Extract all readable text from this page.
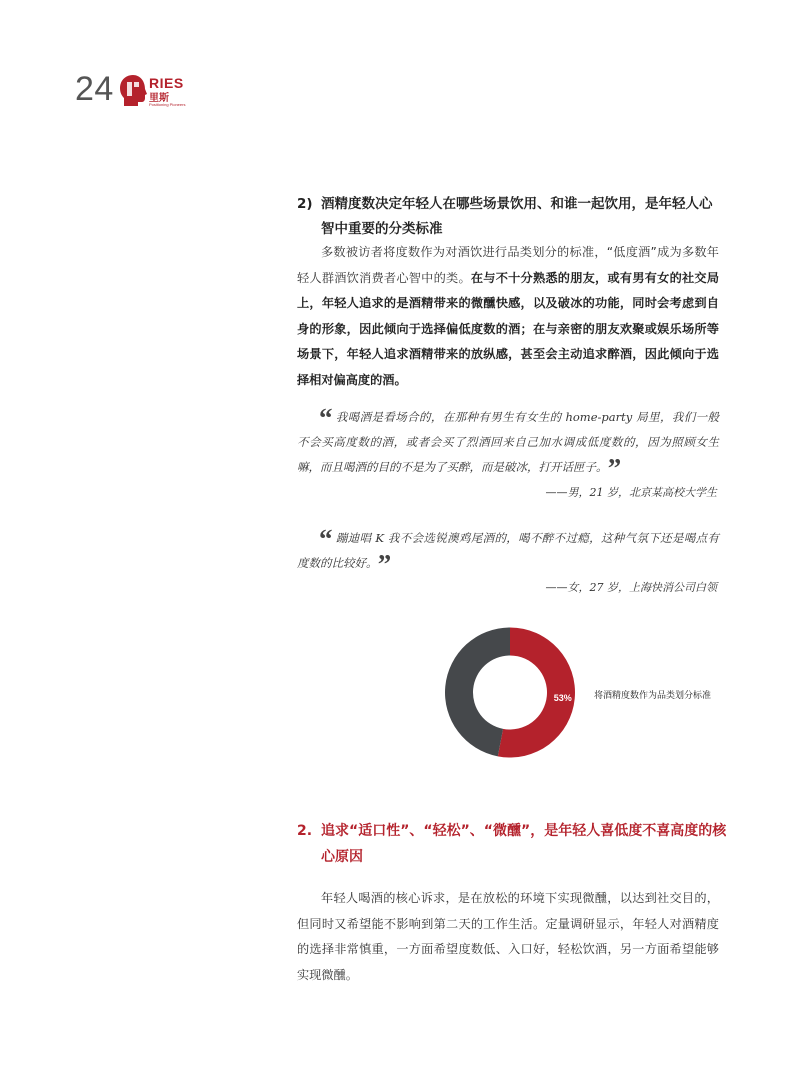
24	RIES
里斯
Positioning Pioneers
2) 酒精度数决定年轻人在哪些场景饮用、和谁一起饮用，是年轻人心智中重要的分类标准

多数被访者将度数作为对酒饮进行品类划分的标准，“低度酒”成为多数年轻人群酒饮消费者心智中的类。在与不十分熟悉的朋友，或有男有女的社交局上，年轻人追求的是酒精带来的微醺快感，以及破冰的功能，同时会考虑到自身的形象，因此倾向于选择偏低度数的酒；在与亲密的朋友欢聚或娱乐场所等场景下，年轻人追求酒精带来的放纵感，甚至会主动追求醉酒，因此倾向于选择相对偏高度的酒。

“ 我喝酒是看场合的，在那种有男生有女生的 home-party 局里，我们一般不会买高度数的酒，或者会买了烈酒回来自己加水调成低度数的，因为照顾女生嘛，而且喝酒的目的不是为了买醉，而是破冰，打开话匣子。 ”

——男，21 岁，北京某高校大学生

“ 蹦迪唱 K 我不会选锐澳鸡尾酒的，喝不醉不过瘾，这种气氛下还是喝点有度数的比较好。 ”

——女，27 岁，上海快消公司白领
53% 将酒精度数作为品类划分标准
2. 追求“适口性”、“轻松”、“微醺”，是年轻人喜低度不喜高度的核心原因

年轻人喝酒的核心诉求，是在放松的环境下实现微醺，以达到社交目的，但同时又希望能不影响到第二天的工作生活。定量调研显示，年轻人对酒精度的选择非常慎重，一方面希望度数低、入口好，轻松饮酒，另一方面希望能够实现微醺。
